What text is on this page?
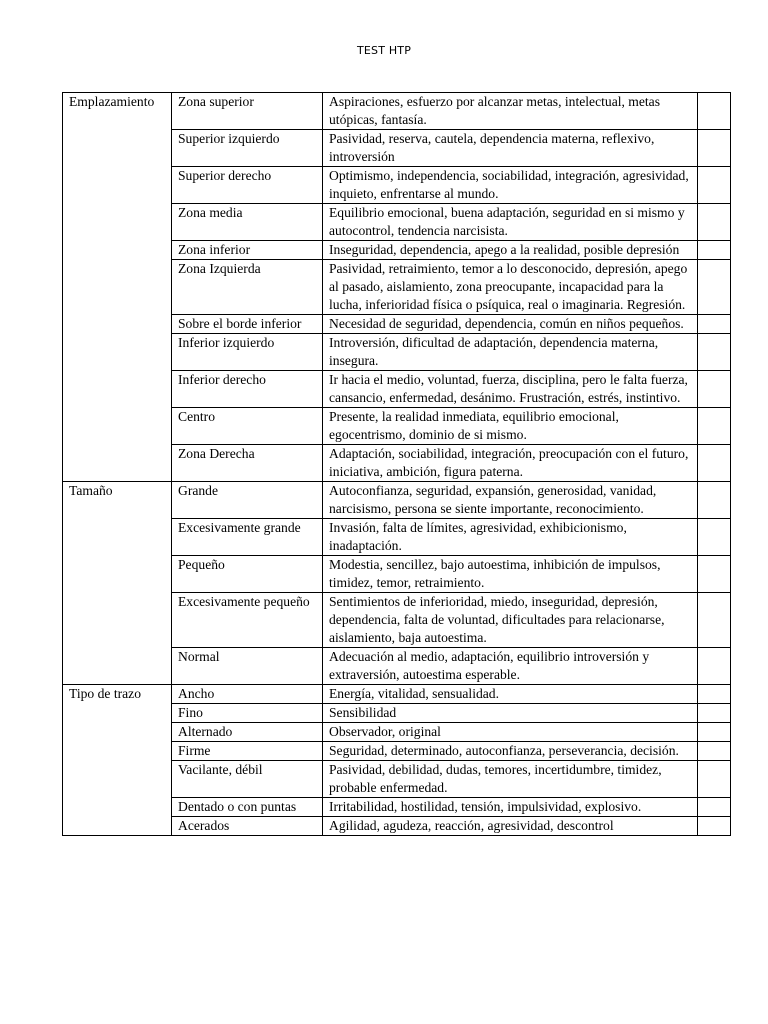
TEST HTP
Emplazamiento	Zona superior	Aspiraciones, esfuerzo por alcanzar metas, intelectual, metas utópicas, fantasía.	
	Superior izquierdo	Pasividad, reserva, cautela, dependencia materna, reflexivo, introversión	
	Superior derecho	Optimismo, independencia, sociabilidad, integración, agresividad, inquieto, enfrentarse al mundo.	
	Zona media	Equilibrio emocional, buena adaptación, seguridad en si mismo y autocontrol, tendencia narcisista.	
	Zona inferior	Inseguridad, dependencia, apego a la realidad, posible depresión	
	Zona Izquierda	Pasividad, retraimiento, temor a lo desconocido, depresión, apego al pasado, aislamiento, zona preocupante, incapacidad para la lucha, inferioridad física o psíquica, real o imaginaria. Regresión.	
	Sobre el borde inferior	Necesidad de seguridad, dependencia, común en niños pequeños.	
	Inferior izquierdo	Introversión, dificultad de adaptación, dependencia materna, insegura.	
	Inferior derecho	Ir hacia el medio, voluntad, fuerza, disciplina, pero le falta fuerza, cansancio, enfermedad, desánimo. Frustración, estrés, instintivo.	
	Centro	Presente, la realidad inmediata, equilibrio emocional, egocentrismo, dominio de si mismo.	
	Zona Derecha	Adaptación, sociabilidad, integración, preocupación con el futuro, iniciativa, ambición, figura paterna.	
Tamaño	Grande	Autoconfianza, seguridad, expansión, generosidad, vanidad, narcisismo, persona se siente importante, reconocimiento.	
	Excesivamente grande	Invasión, falta de límites, agresividad, exhibicionismo, inadaptación.	
	Pequeño	Modestia, sencillez, bajo autoestima, inhibición de impulsos, timidez, temor, retraimiento.	
	Excesivamente pequeño	Sentimientos de inferioridad, miedo, inseguridad, depresión, dependencia, falta de voluntad, dificultades para relacionarse, aislamiento, baja autoestima.	
	Normal	Adecuación al medio, adaptación, equilibrio introversión y extraversión, autoestima esperable.	
Tipo de trazo	Ancho	Energía, vitalidad, sensualidad.	
	Fino	Sensibilidad	
	Alternado	Observador, original	
	Firme	Seguridad, determinado, autoconfianza, perseverancia, decisión.	
	Vacilante, débil	Pasividad, debilidad, dudas, temores, incertidumbre, timidez, probable enfermedad.	
	Dentado o con puntas	Irritabilidad, hostilidad, tensión, impulsividad, explosivo.	
	Acerados	Agilidad, agudeza, reacción, agresividad, descontrol	
